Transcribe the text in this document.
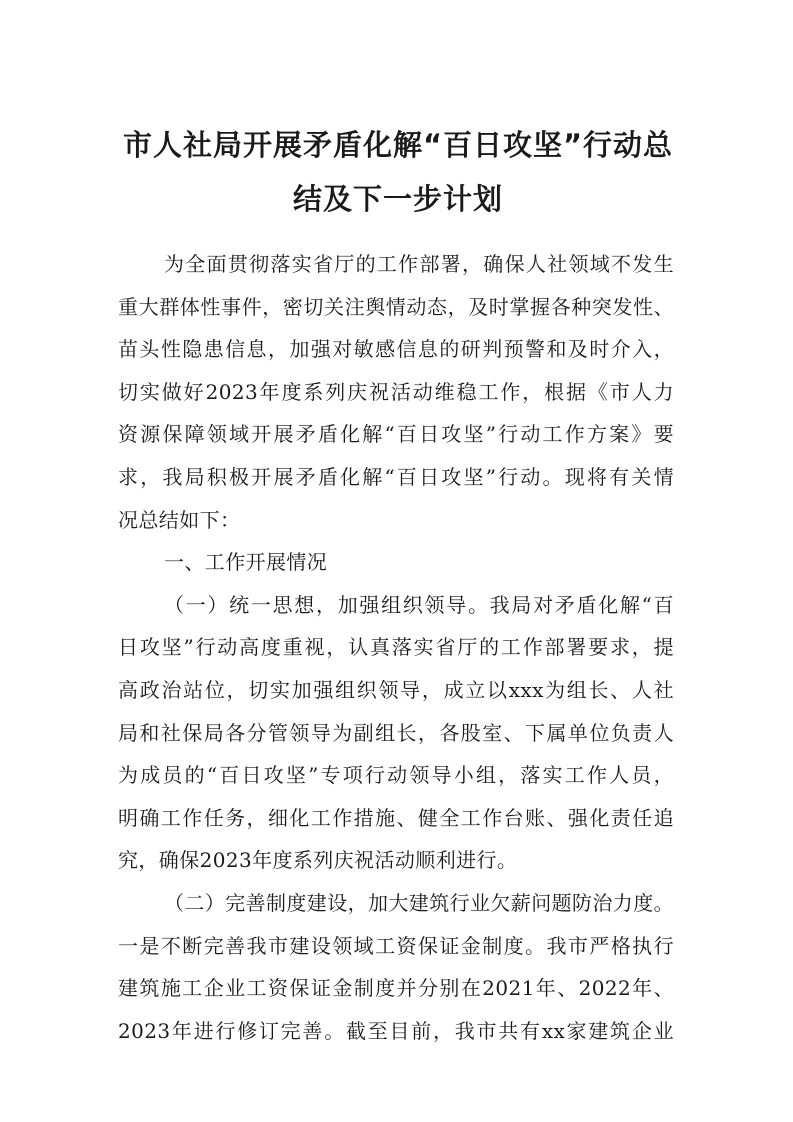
市人社局开展矛盾化解“百日攻坚”行动总
结及下一步计划
为全面贯彻落实省厅的工作部署，确保人社领域不发生
重大群体性事件，密切关注舆情动态，及时掌握各种突发性、
苗头性隐患信息，加强对敏感信息的研判预警和及时介入，
切实做好2023年度系列庆祝活动维稳工作，根据《市人力
资源保障领域开展矛盾化解“百日攻坚”行动工作方案》要
求，我局积极开展矛盾化解“百日攻坚”行动。现将有关情
况总结如下：
一、工作开展情况
（一）统一思想，加强组织领导。我局对矛盾化解“百
日攻坚”行动高度重视，认真落实省厅的工作部署要求，提
高政治站位，切实加强组织领导，成立以xxx为组长、人社
局和社保局各分管领导为副组长，各股室、下属单位负责人
为成员的“百日攻坚”专项行动领导小组，落实工作人员，
明确工作任务，细化工作措施、健全工作台账、强化责任追
究，确保2023年度系列庆祝活动顺利进行。
（二）完善制度建设，加大建筑行业欠薪问题防治力度。
一是不断完善我市建设领域工资保证金制度。我市严格执行
建筑施工企业工资保证金制度并分别在2021年、2022年、
2023年进行修订完善。截至目前，我市共有xx家建筑企业
